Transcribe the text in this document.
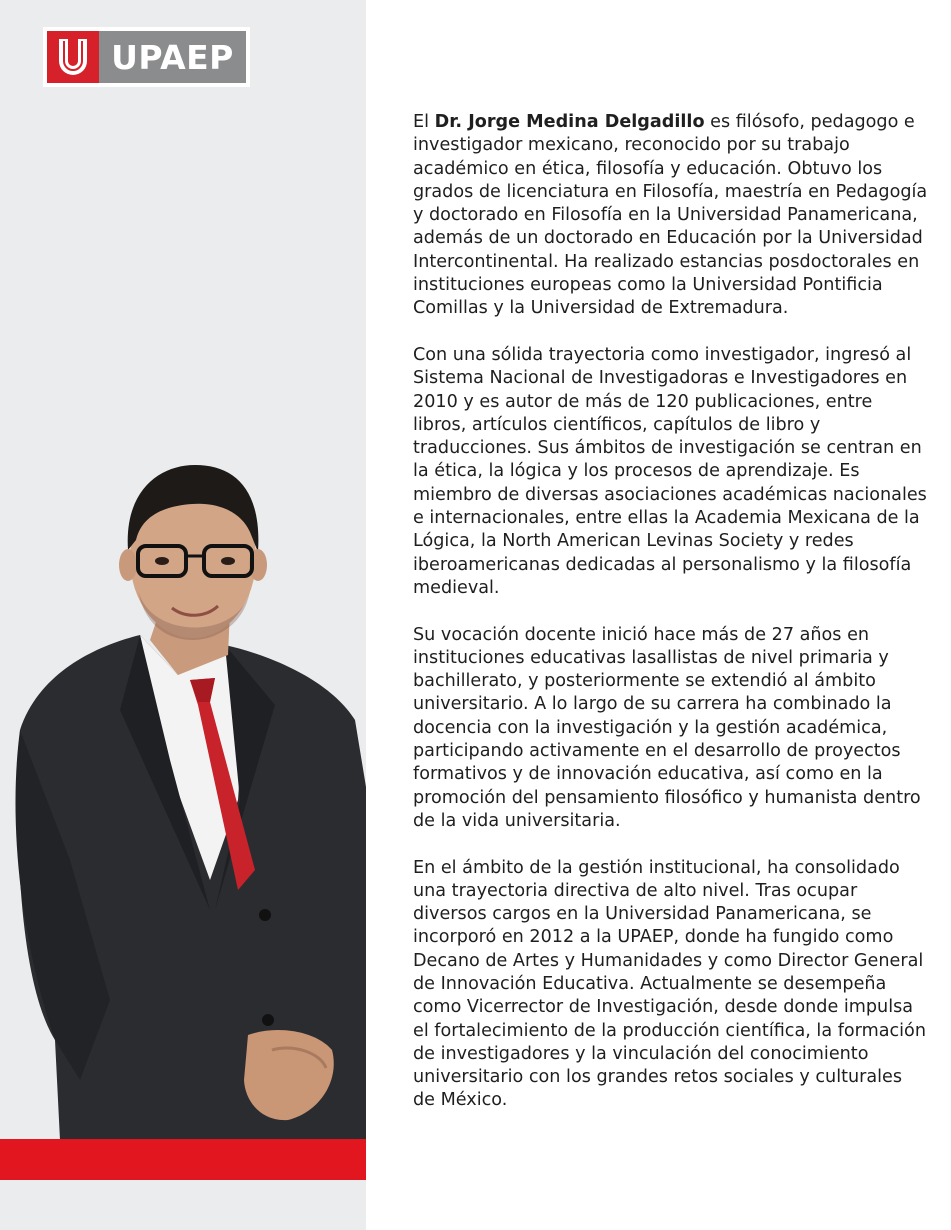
UPAEP

El Dr. Jorge Medina Delgadillo es filósofo, pedagogo e investigador mexicano, reconocido por su trabajo académico en ética, filosofía y educación. Obtuvo los grados de licenciatura en Filosofía, maestría en Pedagogía y doctorado en Filosofía en la Universidad Panamericana, además de un doctorado en Educación por la Universidad Intercontinental. Ha realizado estancias posdoctorales en instituciones europeas como la Universidad Pontificia Comillas y la Universidad de Extremadura.

Con una sólida trayectoria como investigador, ingresó al Sistema Nacional de Investigadoras e Investigadores en 2010 y es autor de más de 120 publicaciones, entre libros, artículos científicos, capítulos de libro y traducciones. Sus ámbitos de investigación se centran en la ética, la lógica y los procesos de aprendizaje. Es miembro de diversas asociaciones académicas nacionales e internacionales, entre ellas la Academia Mexicana de la Lógica, la North American Levinas Society y redes iberoamericanas dedicadas al personalismo y la filosofía medieval.

Su vocación docente inició hace más de 27 años en instituciones educativas lasallistas de nivel primaria y bachillerato, y posteriormente se extendió al ámbito universitario. A lo largo de su carrera ha combinado la docencia con la investigación y la gestión académica, participando activamente en el desarrollo de proyectos formativos y de innovación educativa, así como en la promoción del pensamiento filosófico y humanista dentro de la vida universitaria.

En el ámbito de la gestión institucional, ha consolidado una trayectoria directiva de alto nivel. Tras ocupar diversos cargos en la Universidad Panamericana, se incorporó en 2012 a la UPAEP, donde ha fungido como Decano de Artes y Humanidades y como Director General de Innovación Educativa. Actualmente se desempeña como Vicerrector de Investigación, desde donde impulsa el fortalecimiento de la producción científica, la formación de investigadores y la vinculación del conocimiento universitario con los grandes retos sociales y culturales de México.
